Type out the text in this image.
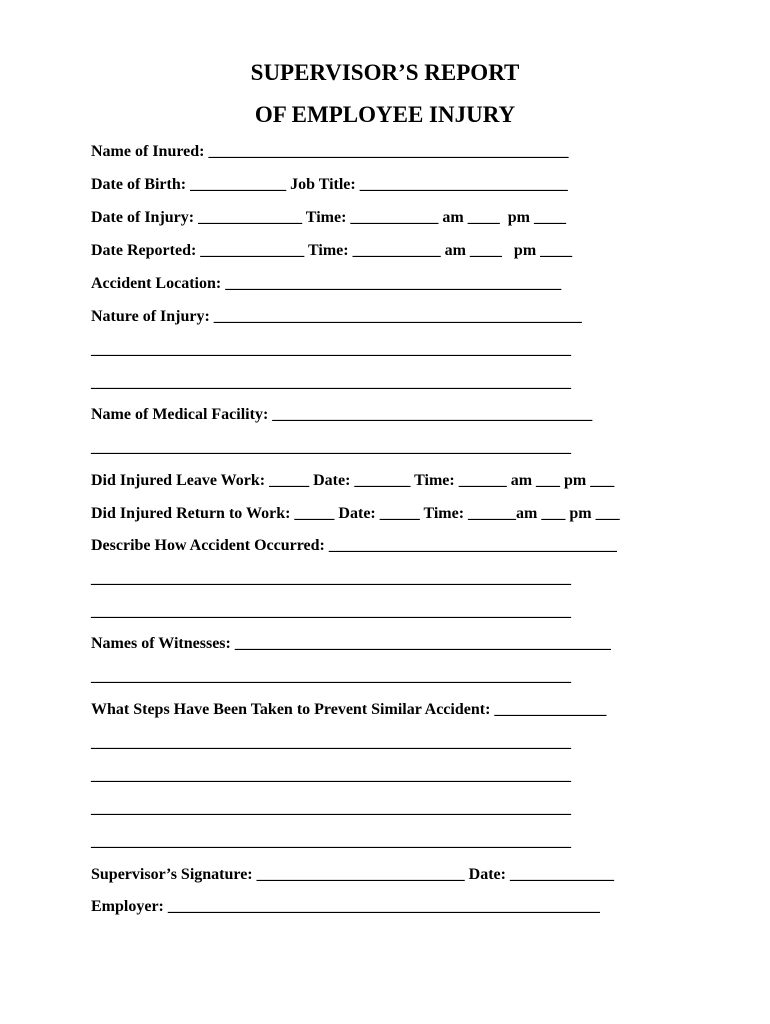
SUPERVISOR’S REPORT
OF EMPLOYEE INJURY
Name of Inured: _____________________________________________
Date of Birth: ____________ Job Title: __________________________
Date of Injury: _____________ Time: ___________ am ____  pm ____
Date Reported: _____________ Time: ___________ am ____   pm ____
Accident Location: __________________________________________
Nature of Injury: ______________________________________________
____________________________________________________________
____________________________________________________________
Name of Medical Facility: ________________________________________
____________________________________________________________
Did Injured Leave Work: _____ Date: _______ Time: ______ am ___ pm ___
Did Injured Return to Work: _____ Date: _____ Time: ______am ___ pm ___
Describe How Accident Occurred: ____________________________________
____________________________________________________________
____________________________________________________________
Names of Witnesses: _______________________________________________
____________________________________________________________
What Steps Have Been Taken to Prevent Similar Accident: ______________
____________________________________________________________
____________________________________________________________
____________________________________________________________
____________________________________________________________
Supervisor’s Signature: __________________________ Date: _____________
Employer: ______________________________________________________
